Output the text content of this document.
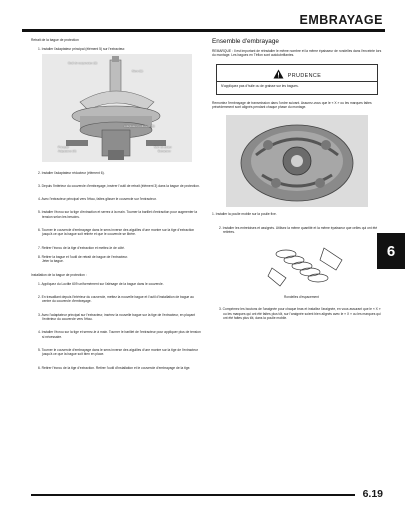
EMBRAYAGE

Retrait de la bague de protection

1. Installer l'adaptateur principal (élément 5) sur l'extracteur.

Outil de suspension (C)
Mors (C)
Adaptateur réducteur (B)
Principal
Adaptateur (A)
Soin du piston
Extracteur

2. Installer l'adaptateur réducteur (élément 6).

3. Depuis l'intérieur du couvercle d'embrayage, insérer l'outil de retrait (élément 3) dans la bague de protection.

4. Avec l'extracteur principal vers l'étau, faites glisser le couvercle sur l'extracteur.

5. Installer l'écrou sur la tige d'extraction et serrez à la main. Tourner la barillet d'extraction pour augmenter la tension selon les besoins.

6. Tourner le couvercle d'embrayage dans le sens inverse des aiguilles d'une montre sur la tige d'extraction jusqu'à ce que la bague soit retirée et que le couvercle se libère.

7. Retirer l'écrou de la tige d'extraction et mettez-le de côté.

8. Retirer la bague et l'outil de retrait de bague de l'extracteur.

Jeter la bague.

Installation de la bague de protection :

1. Appliquez du Loctite 609 uniformément sur l'alésage de la bague dans le couvercle.

2. En travaillant depuis l'intérieur du couvercle, mettez la nouvelle bague et l'outil d'installation de bague au centre du couvercle d'embrayage.

3. Avec l'adaptateur principal sur l'extracteur, insérez la nouvelle bague sur la tige de l'extracteur, en plaçant l'extérieur du couvercle vers l'étau.

4. Installer l'écrou sur la tige et serrez-le à main. Tourner le barillet de l'extracteur pour appliquer plus de tension si nécessaire.

5. Tourner le couvercle d'embrayage dans le sens inverse des aiguilles d'une montre sur la tige de l'extracteur jusqu'à ce que la bague soit bien en place.

6. Retirer l'écrou de la tige d'extraction. Retirer l'outil d'installation et le couvercle d'embrayage de la tige.

Ensemble d'embrayage

REMARQUE : Il est important de réinstaller le même nombre et la même épaisseur de rondelles dans l'enceinte lors du montage. Les bagues en Téflon sont autolubrifiantes.

PRUDENCE

N'appliquez pas d'huile ou de graisse sur les bagues.

Remontez l'embrayage de transmission dans l'ordre suivant. Assurez-vous que le « X » ou les marques faites précédemment sont alignés pendant chaque phase du montage.

1. Installer la poulie mobile sur la poulie fixe.

2. Installer les entretoises et assignés. Utilisez la même quantité et la même épaisseur que celles qui ont été retirées.

Rondelles d'espacement

3. Comprimez les boutons de l'araignée pour chaque bras et installez l'araignée, en vous assurant que le « X » ou les marques qui ont été faites plus tôt, sur l'araignée soient bien alignés avec le « X » ou les marques qui ont été faites plus tôt, dans la poulie mobile.

6
6.19
